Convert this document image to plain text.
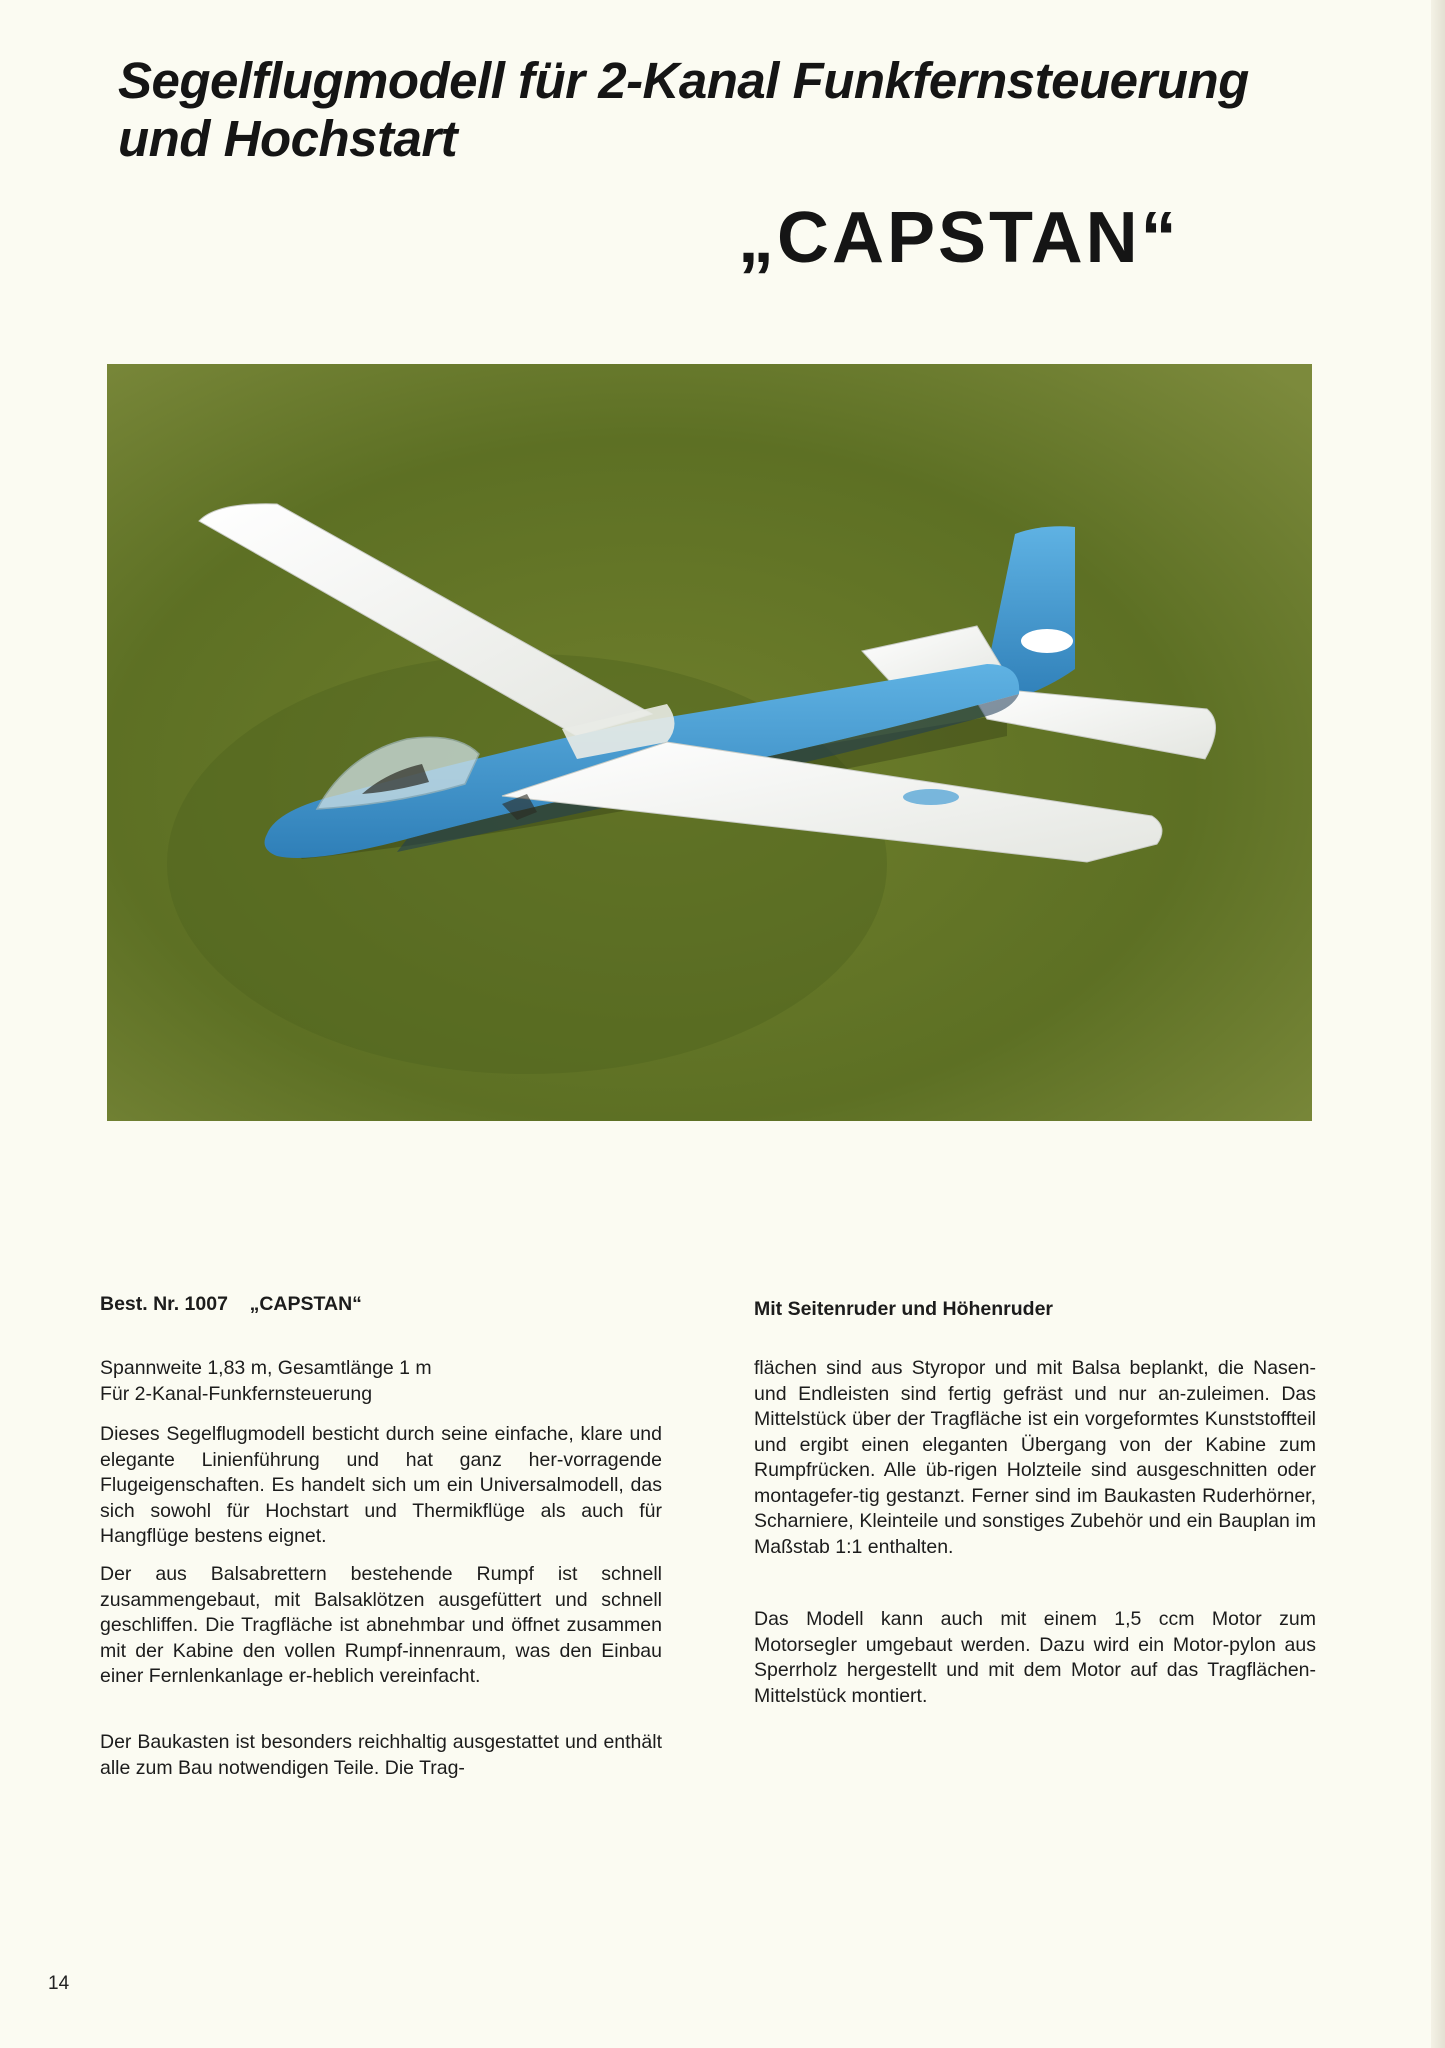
Segelflugmodell für 2-Kanal Funkfernsteuerung
und Hochstart
„CAPSTAN“
Best. Nr. 1007 „CAPSTAN“
Spannweite 1,83 m, Gesamtlänge 1 m
Für 2-Kanal-Funkfernsteuerung

Dieses Segelflugmodell besticht durch seine einfache, klare und elegante Linienführung und hat ganz her-vorragende Flugeigenschaften. Es handelt sich um ein Universalmodell, das sich sowohl für Hochstart und Thermikflüge als auch für Hangflüge bestens eignet.

Der aus Balsabrettern bestehende Rumpf ist schnell zusammengebaut, mit Balsaklötzen ausgefüttert und schnell geschliffen. Die Tragfläche ist abnehmbar und öffnet zusammen mit der Kabine den vollen Rumpf-innenraum, was den Einbau einer Fernlenkanlage er-heblich vereinfacht.

Der Baukasten ist besonders reichhaltig ausgestattet und enthält alle zum Bau notwendigen Teile. Die Trag-

Mit Seitenruder und Höhenruder

flächen sind aus Styropor und mit Balsa beplankt, die Nasen- und Endleisten sind fertig gefräst und nur an-zuleimen. Das Mittelstück über der Tragfläche ist ein vorgeformtes Kunststoffteil und ergibt einen eleganten Übergang von der Kabine zum Rumpfrücken. Alle üb-rigen Holzteile sind ausgeschnitten oder montagefer-tig gestanzt. Ferner sind im Baukasten Ruderhörner, Scharniere, Kleinteile und sonstiges Zubehör und ein Bauplan im Maßstab 1:1 enthalten.

Das Modell kann auch mit einem 1,5 ccm Motor zum Motorsegler umgebaut werden. Dazu wird ein Motor-pylon aus Sperrholz hergestellt und mit dem Motor auf das Tragflächen-Mittelstück montiert.

14
